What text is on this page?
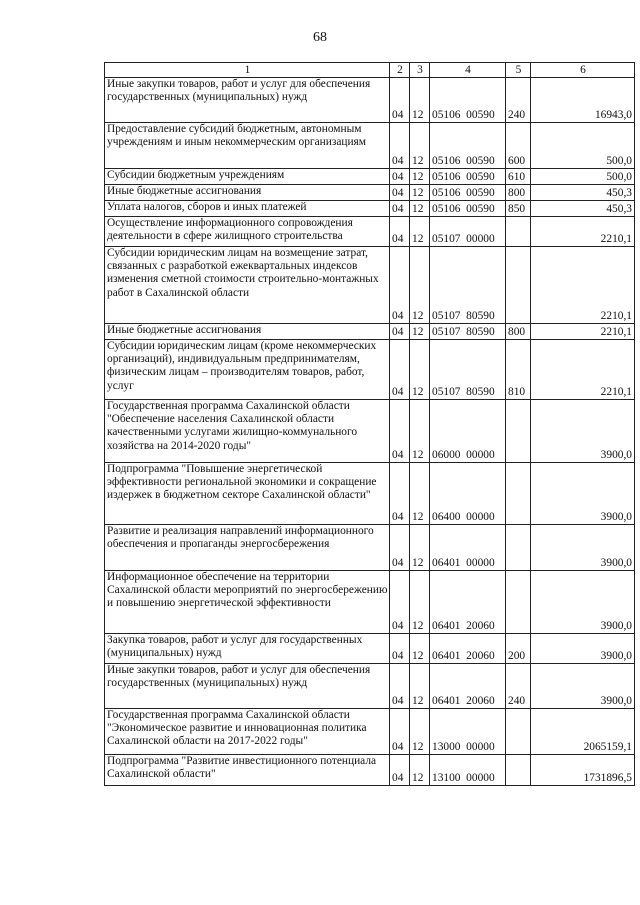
68
1	2	3	4	5	6
Иные закупки товаров, работ и услуг для обеспечения государственных (муниципальных) нужд	04	12	05106  00590	240	16943,0
Предоставление субсидий бюджетным, автономным учреждениям и иным некоммерческим организациям	04	12	05106  00590	600	500,0
Субсидии бюджетным учреждениям	04	12	05106  00590	610	500,0
Иные бюджетные ассигнования	04	12	05106  00590	800	450,3
Уплата налогов, сборов и иных платежей	04	12	05106  00590	850	450,3
Осуществление информационного сопровождения деятельности в сфере жилищного строительства	04	12	05107  00000		2210,1
Субсидии юридическим лицам на возмещение затрат, связанных с разработкой ежеквартальных индексов изменения сметной стоимости строительно-монтажных работ в Сахалинской области	04	12	05107  80590		2210,1
Иные бюджетные ассигнования	04	12	05107  80590	800	2210,1
Субсидии юридическим лицам (кроме некоммерческих организаций), индивидуальным предпринимателям, физическим лицам – производителям товаров, работ, услуг	04	12	05107  80590	810	2210,1
Государственная программа Сахалинской области "Обеспечение населения Сахалинской области качественными услугами жилищно-коммунального хозяйства на 2014-2020 годы"	04	12	06000  00000		3900,0
Подпрограмма "Повышение энергетической эффективности региональной экономики и сокращение издержек в бюджетном секторе Сахалинской области"	04	12	06400  00000		3900,0
Развитие и реализация направлений информационного обеспечения и пропаганды энергосбережения	04	12	06401  00000		3900,0
Информационное обеспечение на территории Сахалинской области мероприятий по энергосбережению и повышению энергетической эффективности	04	12	06401  20060		3900,0
Закупка товаров, работ и услуг для государственных (муниципальных) нужд	04	12	06401  20060	200	3900,0
Иные закупки товаров, работ и услуг для обеспечения государственных (муниципальных) нужд	04	12	06401  20060	240	3900,0
Государственная программа Сахалинской области "Экономическое развитие и инновационная политика Сахалинской области на 2017-2022 годы"	04	12	13000  00000		2065159,1
Подпрограмма "Развитие инвестиционного потенциала Сахалинской области"	04	12	13100  00000		1731896,5
